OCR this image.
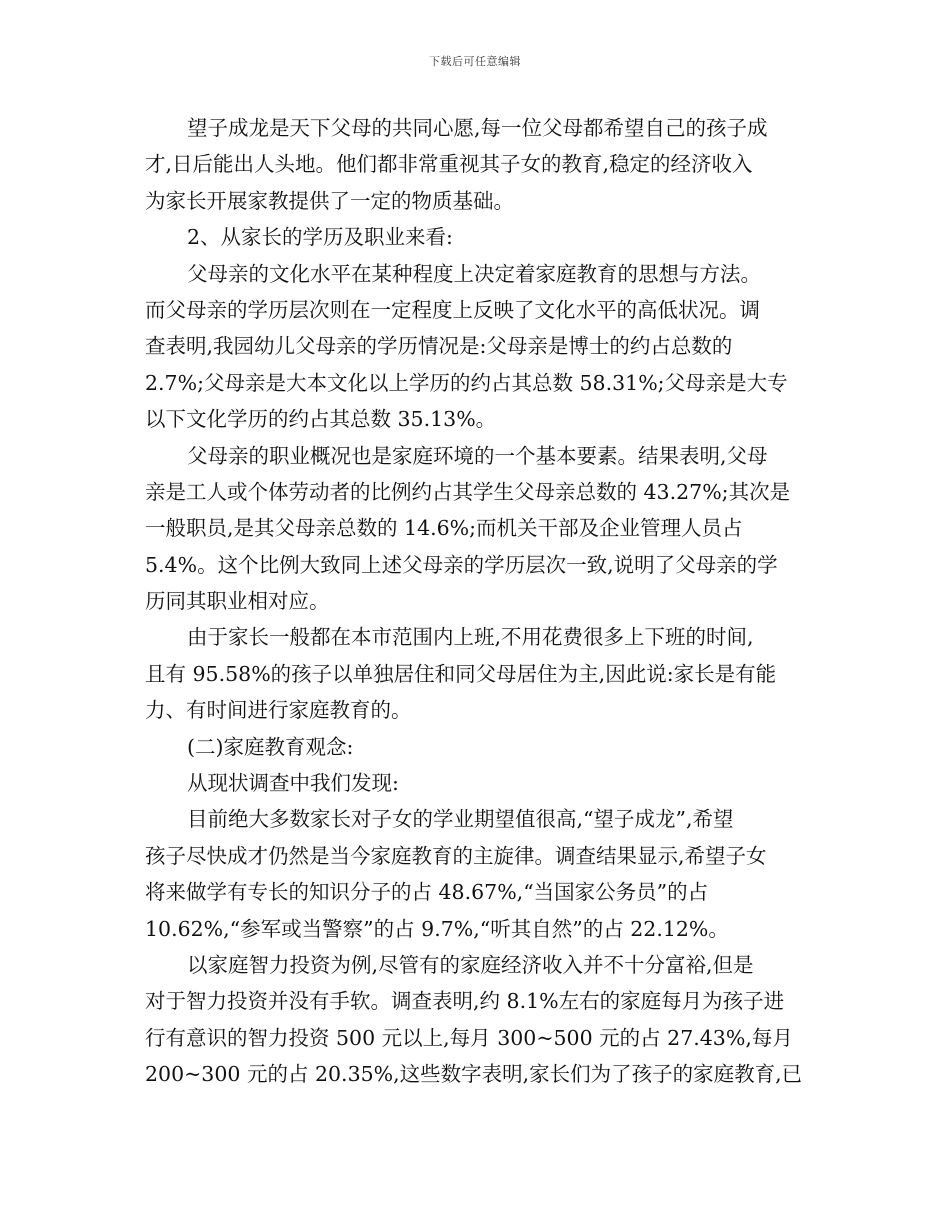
下载后可任意编辑
望子成龙是天下父母的共同心愿,每一位父母都希望自己的孩子成
才,日后能出人头地。他们都非常重视其子女的教育,稳定的经济收入
为家长开展家教提供了一定的物质基础。
2、从家长的学历及职业来看:
父母亲的文化水平在某种程度上决定着家庭教育的思想与方法。
而父母亲的学历层次则在一定程度上反映了文化水平的高低状况。调
查表明,我园幼儿父母亲的学历情况是:父母亲是博士的约占总数的
2.7%;父母亲是大本文化以上学历的约占其总数 58.31%;父母亲是大专
以下文化学历的约占其总数 35.13%。
父母亲的职业概况也是家庭环境的一个基本要素。结果表明,父母
亲是工人或个体劳动者的比例约占其学生父母亲总数的 43.27%;其次是
一般职员,是其父母亲总数的 14.6%;而机关干部及企业管理人员占
5.4%。这个比例大致同上述父母亲的学历层次一致,说明了父母亲的学
历同其职业相对应。
由于家长一般都在本市范围内上班,不用花费很多上下班的时间,
且有 95.58%的孩子以单独居住和同父母居住为主,因此说:家长是有能
力、有时间进行家庭教育的。
(二)家庭教育观念:
从现状调查中我们发现:
目前绝大多数家长对子女的学业期望值很高,“望子成龙”,希望
孩子尽快成才仍然是当今家庭教育的主旋律。调查结果显示,希望子女
将来做学有专长的知识分子的占 48.67%,“当国家公务员”的占
10.62%,“参军或当警察”的占 9.7%,“听其自然”的占 22.12%。
以家庭智力投资为例,尽管有的家庭经济收入并不十分富裕,但是
对于智力投资并没有手软。调查表明,约 8.1%左右的家庭每月为孩子进
行有意识的智力投资 500 元以上,每月 300~500 元的占 27.43%,每月
200~300 元的占 20.35%,这些数字表明,家长们为了孩子的家庭教育,已
